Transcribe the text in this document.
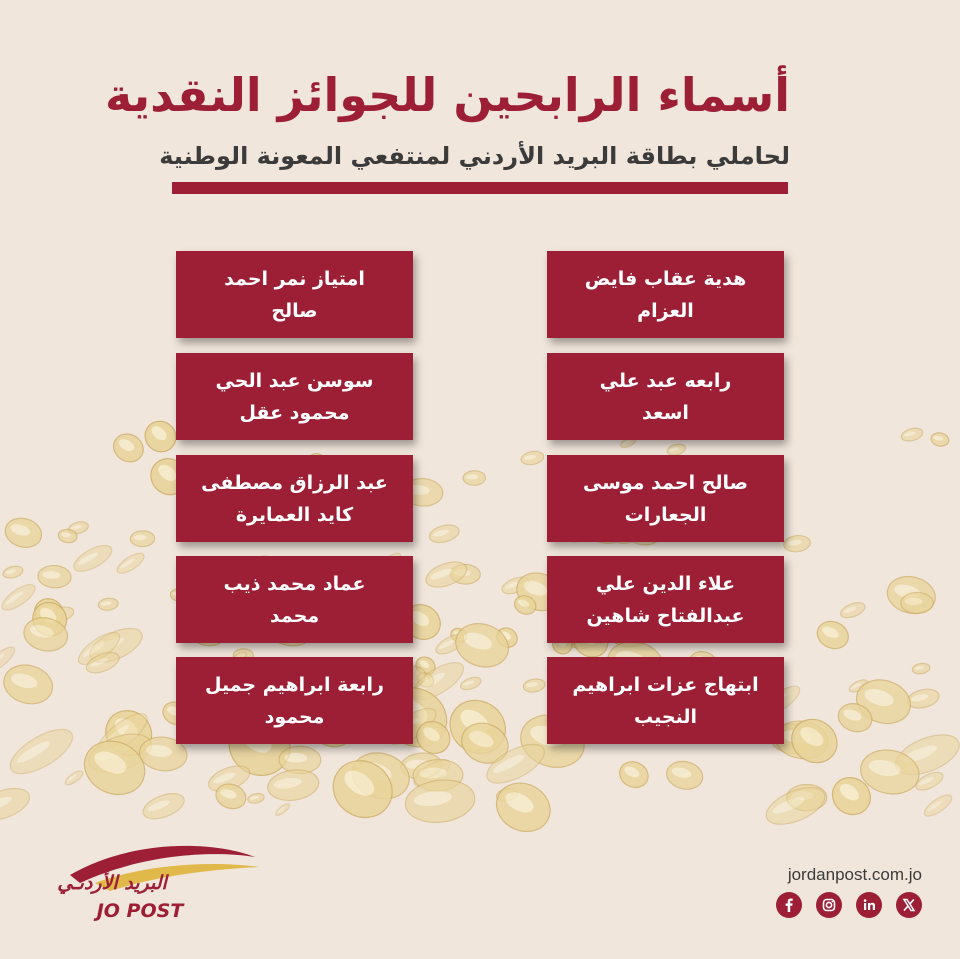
أسماء الرابحين للجوائز النقدية
لحاملي بطاقة البريد الأردني لمنتفعي المعونة الوطنية
هدية عقاب فايض
العزام
رابعه عبد علي
اسعد
صالح احمد موسى
الجعارات
علاء الدين علي
عبدالفتاح شاهين
ابتهاج عزات ابراهيم
النجيب
امتياز نمر احمد
صالح
سوسن عبد الحي
محمود عقل
عبد الرزاق مصطفى
كايد العمايرة
عماد محمد ذيب
محمد
رابعة ابراهيم جميل
محمود
البريد الأردنـي
JO POST
jordanpost.com.jo
